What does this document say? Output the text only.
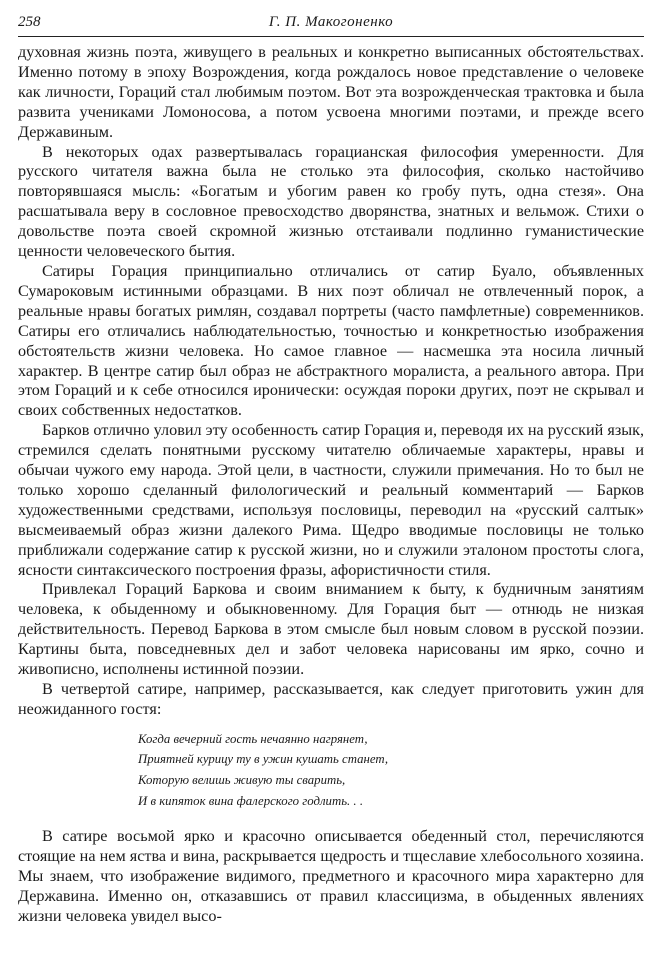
258	Г. П. Макогоненко

духовная жизнь поэта, живущего в реальных и конкретно выписанных обстоятельствах. Именно потому в эпоху Возрождения, когда рождалось новое представление о человеке как личности, Гораций стал любимым поэтом. Вот эта возрожденческая трактовка и была развита учениками Ломоносова, а потом усвоена многими поэтами, и прежде всего Державиным.

В некоторых одах развертывалась горацианская философия умеренности. Для русского читателя важна была не столько эта философия, сколько настойчиво повторявшаяся мысль: «Богатым и убогим равен ко гробу путь, одна стезя». Она расшатывала веру в сословное превосходство дворянства, знатных и вельмож. Стихи о довольстве поэта своей скромной жизнью отстаивали подлинно гуманистические ценности человеческого бытия.

Сатиры Горация принципиально отличались от сатир Буало, объявленных Сумароковым истинными образцами. В них поэт обличал не отвлеченный порок, а реальные нравы богатых римлян, создавал портреты (часто памфлетные) современников. Сатиры его отличались наблюдательностью, точностью и конкретностью изображения обстоятельств жизни человека. Но самое главное — насмешка эта носила личный характер. В центре сатир был образ не абстрактного моралиста, а реального автора. При этом Гораций и к себе относился иронически: осуждая пороки других, поэт не скрывал и своих собственных недостатков.

Барков отлично уловил эту особенность сатир Горация и, переводя их на русский язык, стремился сделать понятными русскому читателю обличаемые характеры, нравы и обычаи чужого ему народа. Этой цели, в частности, служили примечания. Но то был не только хорошо сделанный филологический и реальный комментарий — Барков художественными средствами, используя пословицы, переводил на «русский салтык» высмеиваемый образ жизни далекого Рима. Щедро вводимые пословицы не только приближали содержание сатир к русской жизни, но и служили эталоном простоты слога, ясности синтаксического построения фразы, афористичности стиля.

Привлекал Гораций Баркова и своим вниманием к быту, к будничным занятиям человека, к обыденному и обыкновенному. Для Горация быт — отнюдь не низкая действительность. Перевод Баркова в этом смысле был новым словом в русской поэзии. Картины быта, повседневных дел и забот человека нарисованы им ярко, сочно и живописно, исполнены истинной поэзии.

В четвертой сатире, например, рассказывается, как следует приготовить ужин для неожиданного гостя:

Когда вечерний гость нечаянно нагрянет,
Приятней курицу ту в ужин кушать станет,
Которую велишь живую ты сварить,
И в кипяток вина фалерского годлить. . .

В сатире восьмой ярко и красочно описывается обеденный стол, перечисляются стоящие на нем яства и вина, раскрывается щедрость и тщеславие хлебосольного хозяина. Мы знаем, что изображение видимого, предметного и красочного мира характерно для Державина. Именно он, отказавшись от правил классицизма, в обыденных явлениях жизни человека увидел высо-
